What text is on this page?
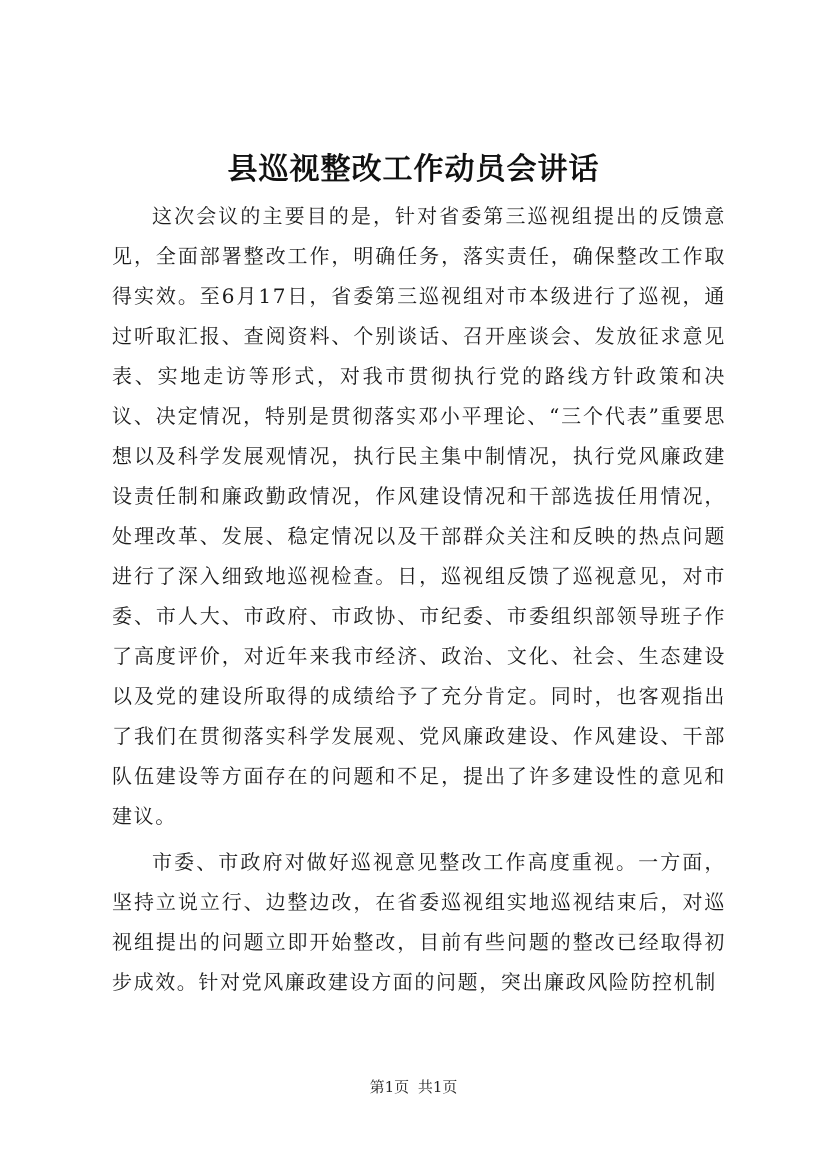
县巡视整改工作动员会讲话

这次会议的主要目的是，针对省委第三巡视组提出的反馈意见，全面部署整改工作，明确任务，落实责任，确保整改工作取得实效。至6月17日，省委第三巡视组对市本级进行了巡视，通过听取汇报、查阅资料、个别谈话、召开座谈会、发放征求意见表、实地走访等形式，对我市贯彻执行党的路线方针政策和决议、决定情况，特别是贯彻落实邓小平理论、“三个代表”重要思想以及科学发展观情况，执行民主集中制情况，执行党风廉政建设责任制和廉政勤政情况，作风建设情况和干部选拔任用情况，处理改革、发展、稳定情况以及干部群众关注和反映的热点问题进行了深入细致地巡视检查。日，巡视组反馈了巡视意见，对市委、市人大、市政府、市政协、市纪委、市委组织部领导班子作了高度评价，对近年来我市经济、政治、文化、社会、生态建设以及党的建设所取得的成绩给予了充分肯定。同时，也客观指出了我们在贯彻落实科学发展观、党风廉政建设、作风建设、干部队伍建设等方面存在的问题和不足，提出了许多建设性的意见和建议。

市委、市政府对做好巡视意见整改工作高度重视。一方面，坚持立说立行、边整边改，在省委巡视组实地巡视结束后，对巡视组提出的问题立即开始整改，目前有些问题的整改已经取得初步成效。针对党风廉政建设方面的问题，突出廉政风险防控机制

第1页 共1页
